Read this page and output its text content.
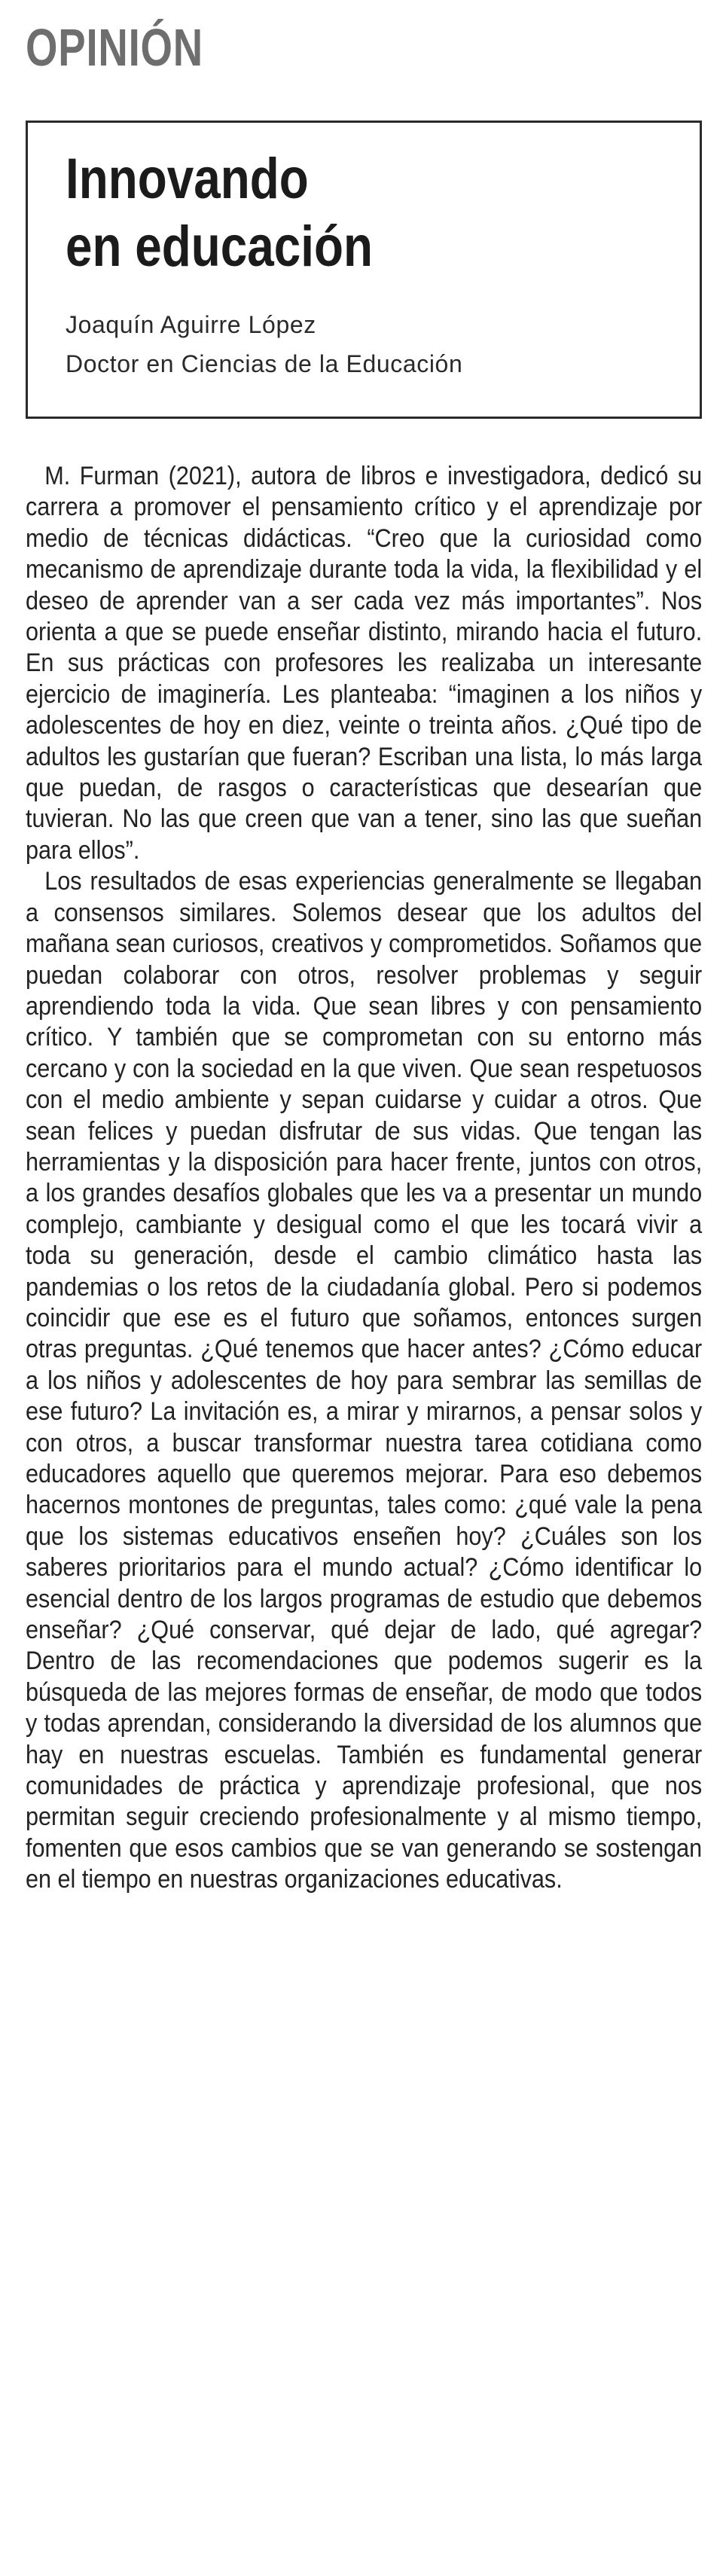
OPINIÓN
Innovando
en educación
Joaquín Aguirre López
Doctor en Ciencias de la Educación

M. Furman (2021), autora de libros e investigadora, dedicó su carrera a promover el pensamiento crítico y el aprendizaje por medio de técnicas didácticas. “Creo que la curiosidad como mecanismo de aprendizaje durante toda la vida, la flexibilidad y el deseo de aprender van a ser cada vez más importantes”. Nos orienta a que se puede enseñar distinto, mirando hacia el futuro. En sus prácticas con profesores les realizaba un interesante ejercicio de imaginería. Les planteaba: “imaginen a los niños y adolescentes de hoy en diez, veinte o treinta años. ¿Qué tipo de adultos les gustarían que fueran? Escriban una lista, lo más larga que puedan, de rasgos o características que desearían que tuvieran. No las que creen que van a tener, sino las que sueñan para ellos”.

Los resultados de esas experiencias generalmente se llegaban a consensos similares. Solemos desear que los adultos del mañana sean curiosos, creativos y comprometidos. Soñamos que puedan colaborar con otros, resolver problemas y seguir aprendiendo toda la vida. Que sean libres y con pensamiento crítico. Y también que se comprometan con su entorno más cercano y con la sociedad en la que viven. Que sean respetuosos con el medio ambiente y sepan cuidarse y cuidar a otros. Que sean felices y puedan disfrutar de sus vidas. Que tengan las herramientas y la disposición para hacer frente, juntos con otros, a los grandes desafíos globales que les va a presentar un mundo complejo, cambiante y desigual como el que les tocará vivir a toda su generación, desde el cambio climático hasta las pandemias o los retos de la ciudadanía global. Pero si podemos coincidir que ese es el futuro que soñamos, entonces surgen otras preguntas. ¿Qué tenemos que hacer antes? ¿Cómo educar a los niños y adolescentes de hoy para sembrar las semillas de ese futuro? La invitación es, a mirar y mirarnos, a pensar solos y con otros, a buscar transformar nuestra tarea cotidiana como educadores aquello que queremos mejorar. Para eso debemos hacernos montones de preguntas, tales como: ¿qué vale la pena que los sistemas educativos enseñen hoy? ¿Cuáles son los saberes prioritarios para el mundo actual? ¿Cómo identificar lo esencial dentro de los largos programas de estudio que debemos enseñar? ¿Qué conservar, qué dejar de lado, qué agregar? Dentro de las recomendaciones que podemos sugerir es la búsqueda de las mejores formas de enseñar, de modo que todos y todas aprendan, considerando la diversidad de los alumnos que hay en nuestras escuelas. También es fundamental generar comunidades de práctica y aprendizaje profesional, que nos permitan seguir creciendo profesionalmente y al mismo tiempo, fomenten que esos cambios que se van generando se sostengan en el tiempo en nuestras organizaciones educativas.
